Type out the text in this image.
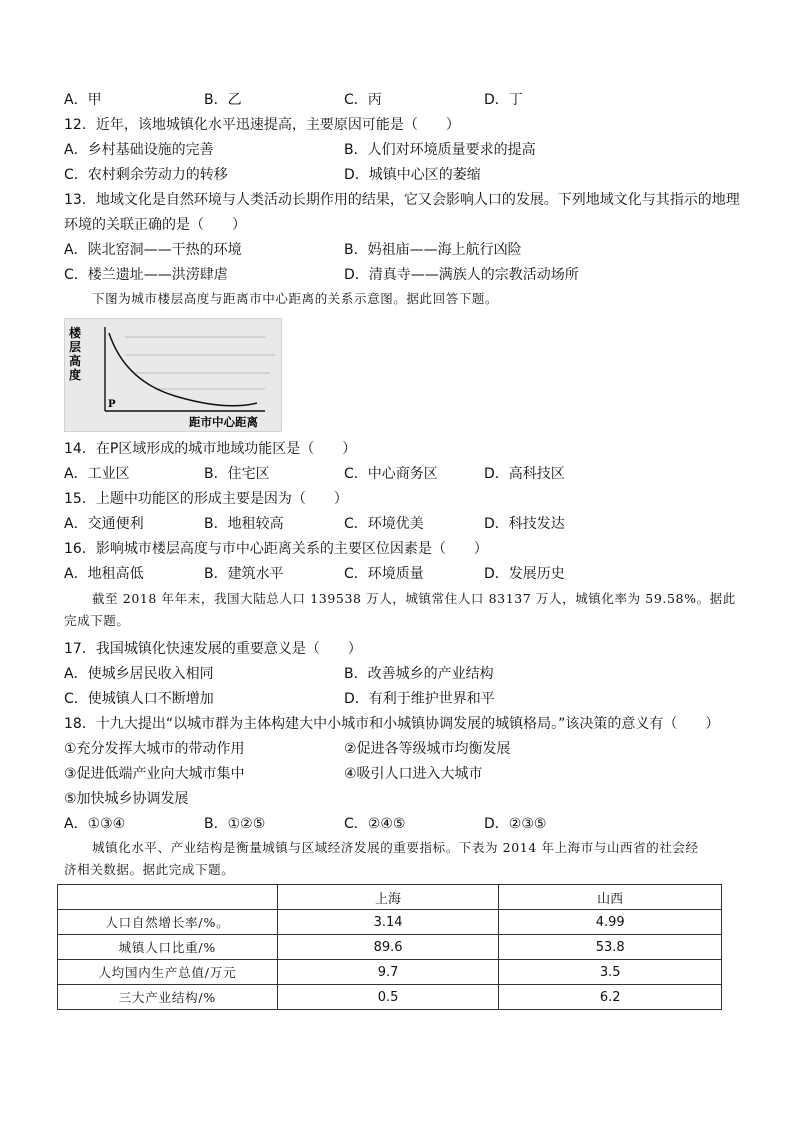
A．甲	B．乙	C．丙	D．丁
12．近年，该地城镇化水平迅速提高，主要原因可能是（　　）
A．乡村基础设施的完善	B．人们对环境质量要求的提高
C．农村剩余劳动力的转移	D．城镇中心区的萎缩
13．地域文化是自然环境与人类活动长期作用的结果，它又会影响人口的发展。下列地域文化与其指示的地理
环境的关联正确的是（　　）
A．陕北窑洞——干热的环境	B．妈祖庙——海上航行凶险
C．楼兰遗址——洪涝肆虐	D．清真寺——满族人的宗教活动场所
下图为城市楼层高度与距离市中心距离的关系示意图。据此回答下题。
楼
层
高
度
P
距市中心距离
14．在P区域形成的城市地域功能区是（　　）
A．工业区	B．住宅区	C．中心商务区	D．高科技区
15．上题中功能区的形成主要是因为（　　）
A．交通便利	B．地租较高	C．环境优美	D．科技发达
16．影响城市楼层高度与市中心距离关系的主要区位因素是（　　）
A．地租高低	B．建筑水平	C．环境质量	D．发展历史
截至 2018 年年末，我国大陆总人口 139538 万人，城镇常住人口 83137 万人，城镇化率为 59.58%。据此
完成下题。
17．我国城镇化快速发展的重要意义是（　　）
A．使城乡居民收入相同	B．改善城乡的产业结构
C．使城镇人口不断增加	D．有利于维护世界和平
18．十九大提出“以城市群为主体构建大中小城市和小城镇协调发展的城镇格局。”该决策的意义有（　　）
①充分发挥大城市的带动作用	②促进各等级城市均衡发展
③促进低端产业向大城市集中	④吸引人口进入大城市
⑤加快城乡协调发展
A．①③④	B．①②⑤	C．②④⑤	D．②③⑤
城镇化水平、产业结构是衡量城镇与区域经济发展的重要指标。下表为 2014 年上海市与山西省的社会经
济相关数据。据此完成下题。
	上海	山西
人口自然增长率/%。	3.14	4.99
城镇人口比重/%	89.6	53.8
人均国内生产总值/万元	9.7	3.5
三大产业结构/%	0.5	6.2
